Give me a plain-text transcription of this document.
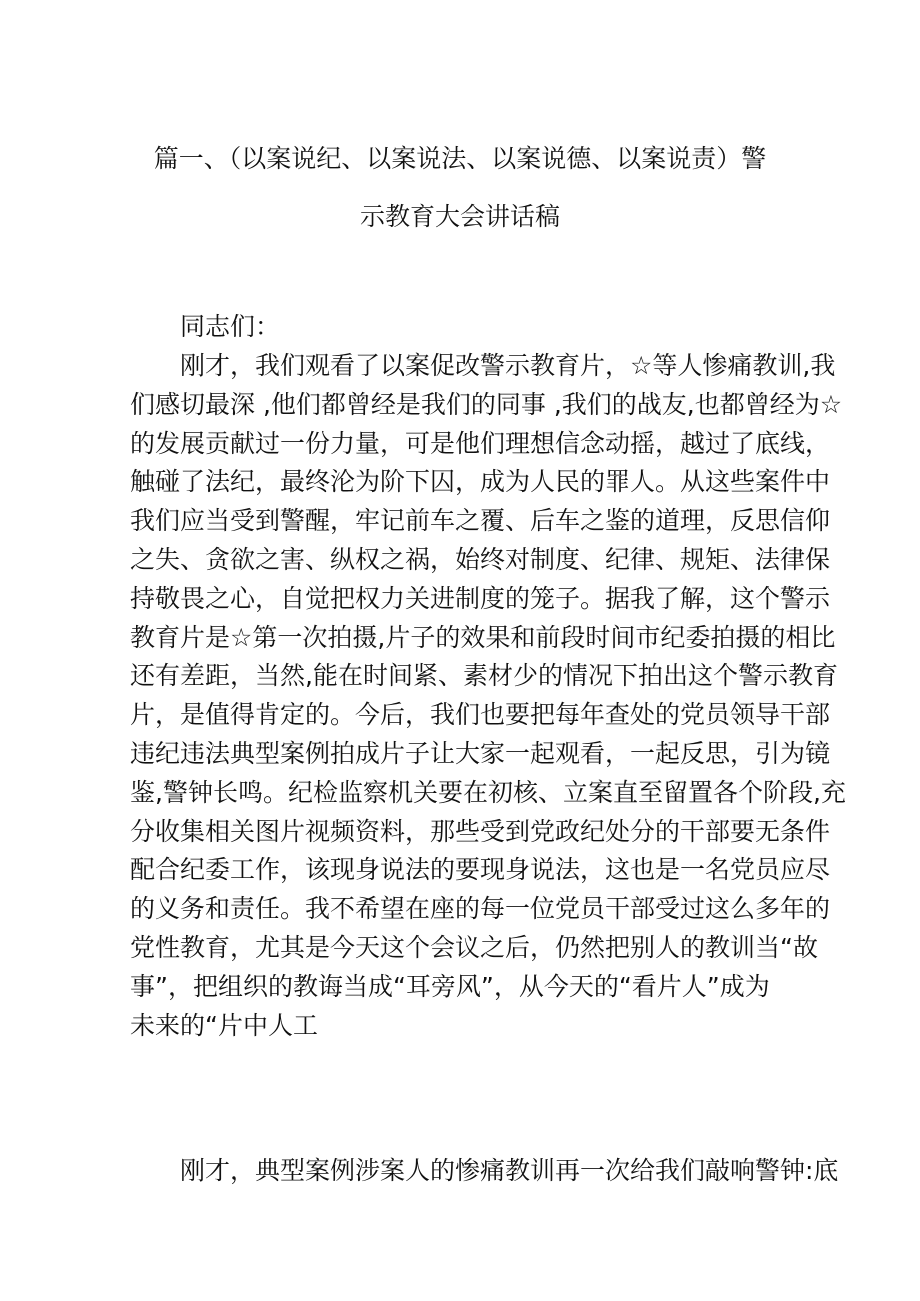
篇一、（以案说纪、以案说法、以案说德、以案说责）警
示教育大会讲话稿
　　同志们：
　　刚才，我们观看了以案促改警示教育片，☆等人惨痛教训,我
们感切最深 ,他们都曾经是我们的同事 ,我们的战友,也都曾经为☆
的发展贡献过一份力量，可是他们理想信念动摇，越过了底线，
触碰了法纪，最终沦为阶下囚，成为人民的罪人。从这些案件中
我们应当受到警醒，牢记前车之覆、后车之鉴的道理，反思信仰
之失、贪欲之害、纵权之祸，始终对制度、纪律、规矩、法律保
持敬畏之心，自觉把权力关进制度的笼子。据我了解，这个警示
教育片是☆第一次拍摄,片子的效果和前段时间市纪委拍摄的相比
还有差距，当然,能在时间紧、素材少的情况下拍出这个警示教育
片，是值得肯定的。今后，我们也要把每年查处的党员领导干部
违纪违法典型案例拍成片子让大家一起观看，一起反思，引为镜
鉴,警钟长鸣。纪检监察机关要在初核、立案直至留置各个阶段,充
分收集相关图片视频资料，那些受到党政纪处分的干部要无条件
配合纪委工作，该现身说法的要现身说法，这也是一名党员应尽
的义务和责任。我不希望在座的每一位党员干部受过这么多年的
党性教育，尤其是今天这个会议之后，仍然把别人的教训当“故
事”，把组织的教诲当成“耳旁风”，从今天的“看片人”成为
未来的“片中人工
　　刚才，典型案例涉案人的惨痛教训再一次给我们敲响警钟:底
